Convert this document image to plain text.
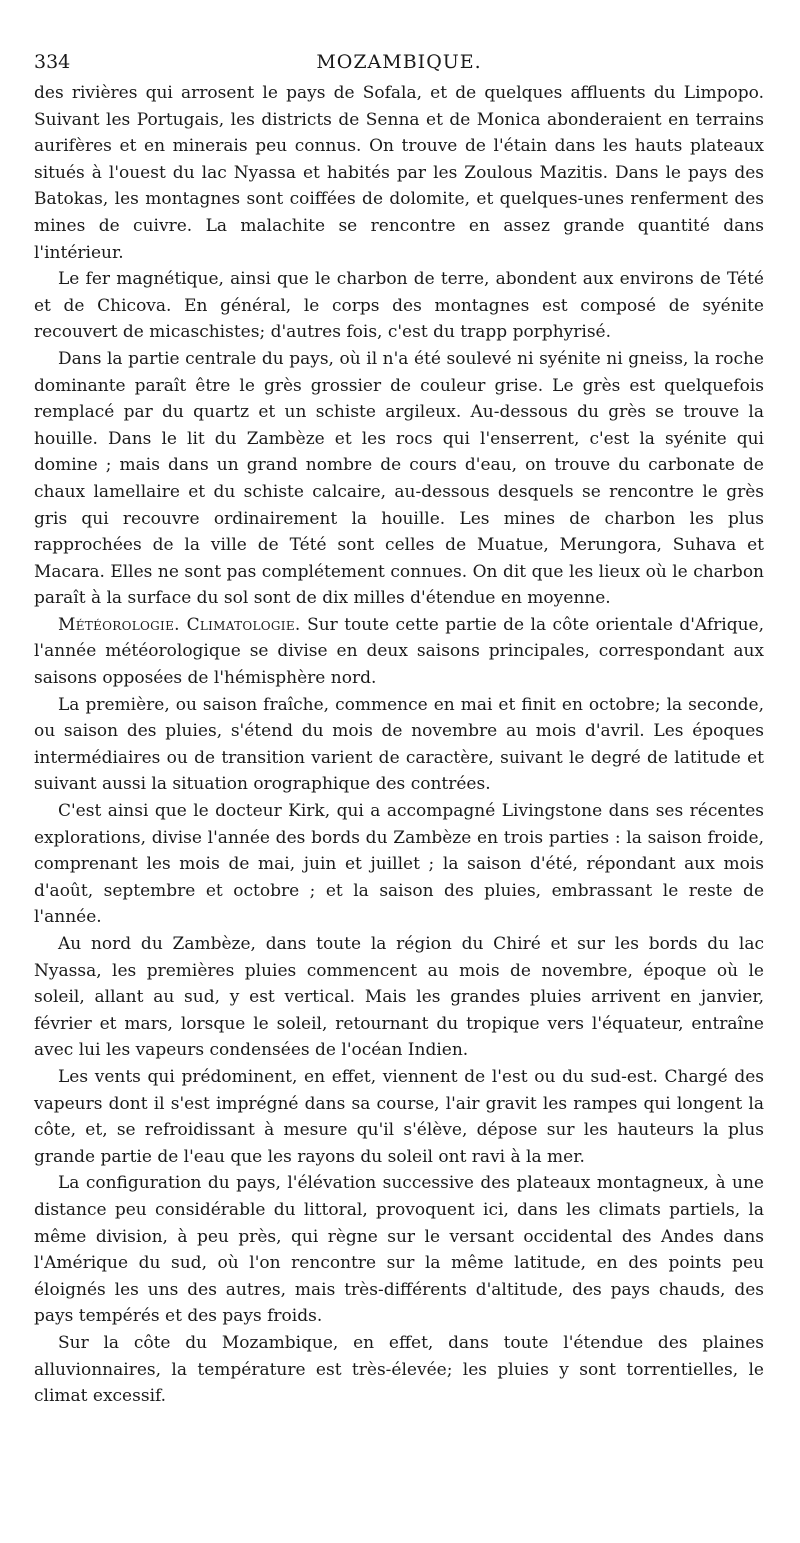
334	MOZAMBIQUE.

des rivières qui arrosent le pays de Sofala, et de quelques affluents du Limpopo. Suivant les Portugais, les districts de Senna et de Monica abonderaient en terrains aurifères et en minerais peu connus. On trouve de l'étain dans les hauts plateaux situés à l'ouest du lac Nyassa et habités par les Zoulous Mazitis. Dans le pays des Batokas, les montagnes sont coiffées de dolomite, et quelques-unes renferment des mines de cuivre. La malachite se rencontre en assez grande quantité dans l'intérieur.

Le fer magnétique, ainsi que le charbon de terre, abondent aux environs de Tété et de Chicova. En général, le corps des montagnes est composé de syénite recouvert de micaschistes; d'autres fois, c'est du trapp porphyrisé.

Dans la partie centrale du pays, où il n'a été soulevé ni syénite ni gneiss, la roche dominante paraît être le grès grossier de couleur grise. Le grès est quelquefois remplacé par du quartz et un schiste argileux. Au-dessous du grès se trouve la houille. Dans le lit du Zambèze et les rocs qui l'enserrent, c'est la syénite qui domine ; mais dans un grand nombre de cours d'eau, on trouve du carbonate de chaux lamellaire et du schiste calcaire, au-dessous desquels se rencontre le grès gris qui recouvre ordinairement la houille. Les mines de charbon les plus rapprochées de la ville de Tété sont celles de Muatue, Merungora, Suhava et Macara. Elles ne sont pas complétement connues. On dit que les lieux où le charbon paraît à la surface du sol sont de dix milles d'étendue en moyenne.

Météorologie. Climatologie. Sur toute cette partie de la côte orientale d'Afrique, l'année météorologique se divise en deux saisons principales, correspondant aux saisons opposées de l'hémisphère nord.

La première, ou saison fraîche, commence en mai et finit en octobre; la seconde, ou saison des pluies, s'étend du mois de novembre au mois d'avril. Les époques intermédiaires ou de transition varient de caractère, suivant le degré de latitude et suivant aussi la situation orographique des contrées.

C'est ainsi que le docteur Kirk, qui a accompagné Livingstone dans ses récentes explorations, divise l'année des bords du Zambèze en trois parties : la saison froide, comprenant les mois de mai, juin et juillet ; la saison d'été, répondant aux mois d'août, septembre et octobre ; et la saison des pluies, embrassant le reste de l'année.

Au nord du Zambèze, dans toute la région du Chiré et sur les bords du lac Nyassa, les premières pluies commencent au mois de novembre, époque où le soleil, allant au sud, y est vertical. Mais les grandes pluies arrivent en janvier, février et mars, lorsque le soleil, retournant du tropique vers l'équateur, entraîne avec lui les vapeurs condensées de l'océan Indien.

Les vents qui prédominent, en effet, viennent de l'est ou du sud-est. Chargé des vapeurs dont il s'est imprégné dans sa course, l'air gravit les rampes qui longent la côte, et, se refroidissant à mesure qu'il s'élève, dépose sur les hauteurs la plus grande partie de l'eau que les rayons du soleil ont ravi à la mer.

La configuration du pays, l'élévation successive des plateaux montagneux, à une distance peu considérable du littoral, provoquent ici, dans les climats partiels, la même division, à peu près, qui règne sur le versant occidental des Andes dans l'Amérique du sud, où l'on rencontre sur la même latitude, en des points peu éloignés les uns des autres, mais très-différents d'altitude, des pays chauds, des pays tempérés et des pays froids.

Sur la côte du Mozambique, en effet, dans toute l'étendue des plaines alluvionnaires, la température est très-élevée; les pluies y sont torrentielles, le climat excessif.
